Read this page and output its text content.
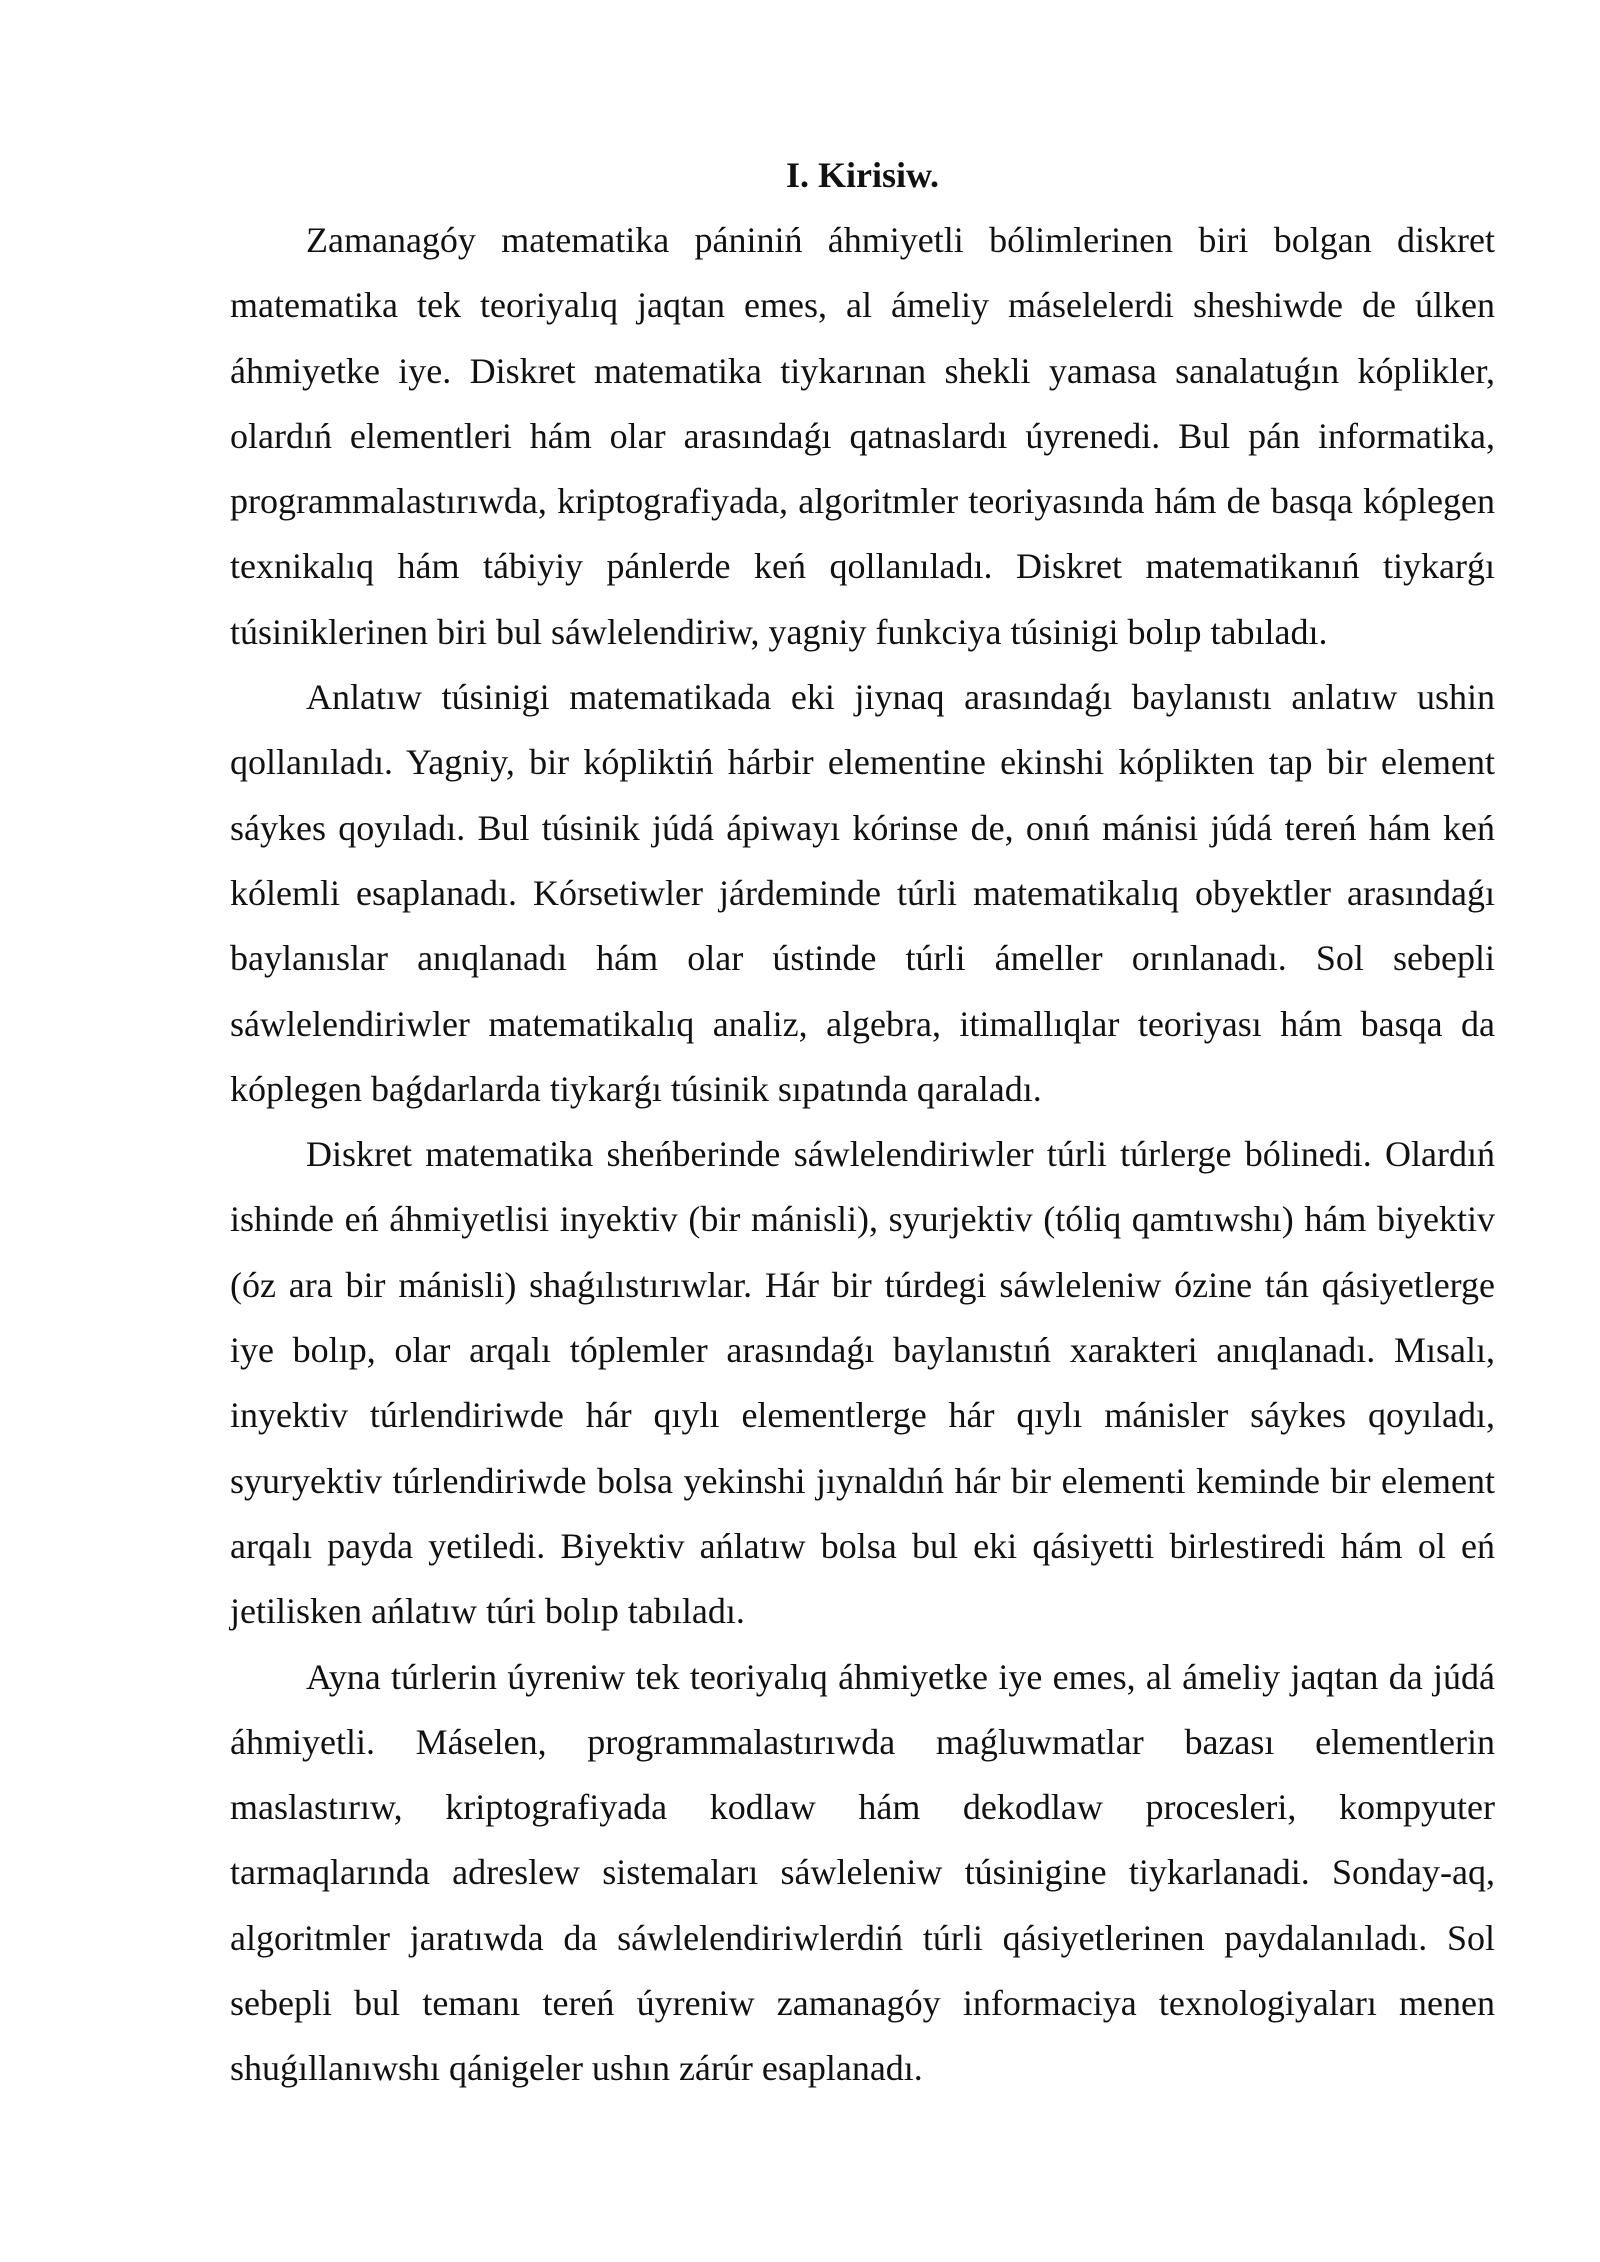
I. Kirisiw.

Zamanagóy matematika pániniń áhmiyetli bólimlerinen biri bolgan diskret matematika tek teoriyalıq jaqtan emes, al ámeliy máselelerdi sheshiwde de úlken áhmiyetke iye. Diskret matematika tiykarınan shekli yamasa sanalatuǵın kóplikler, olardıń elementleri hám olar arasındaǵı qatnaslardı úyrenedi. Bul pán informatika, programmalastırıwda, kriptografiyada, algoritmler teoriyasında hám de basqa kóplegen texnikalıq hám tábiyiy pánlerde keń qollanıladı. Diskret matematikanıń tiykarǵı túsiniklerinen biri bul sáwlelendiriw, yagniy funkciya túsinigi bolıp tabıladı.

Anlatıw túsinigi matematikada eki jiynaq arasındaǵı baylanıstı anlatıw ushin qollanıladı. Yagniy, bir kópliktiń hárbir elementine ekinshi kóplikten tap bir element sáykes qoyıladı. Bul túsinik júdá ápiwayı kórinse de, onıń mánisi júdá tereń hám keń kólemli esaplanadı. Kórsetiwler járdeminde túrli matematikalıq obyektler arasındaǵı baylanıslar anıqlanadı hám olar ústinde túrli ámeller orınlanadı. Sol sebepli sáwlelendiriwler matematikalıq analiz, algebra, itimallıqlar teoriyası hám basqa da kóplegen baǵdarlarda tiykarǵı túsinik sıpatında qaraladı.

Diskret matematika sheńberinde sáwlelendiriwler túrli túrlerge bólinedi. Olardıń ishinde eń áhmiyetlisi inyektiv (bir mánisli), syurjektiv (tóliq qamtıwshı) hám biyektiv (óz ara bir mánisli) shaǵılıstırıwlar. Hár bir túrdegi sáwleleniw ózine tán qásiyetlerge iye bolıp, olar arqalı tóplemler arasındaǵı baylanıstıń xarakteri anıqlanadı. Mısalı, inyektiv túrlendiriwde hár qıylı elementlerge hár qıylı mánisler sáykes qoyıladı, syuryektiv túrlendiriwde bolsa yekinshi jıynaldıń hár bir elementi keminde bir element arqalı payda yetiledi. Biyektiv ańlatıw bolsa bul eki qásiyetti birlestiredi hám ol eń jetilisken ańlatıw túri bolıp tabıladı.

Ayna túrlerin úyreniw tek teoriyalıq áhmiyetke iye emes, al ámeliy jaqtan da júdá áhmiyetli. Máselen, programmalastırıwda maǵluwmatlar bazası elementlerin maslastırıw, kriptografiyada kodlaw hám dekodlaw procesleri, kompyuter tarmaqlarında adreslew sistemaları sáwleleniw túsinigine tiykarlanadi. Sonday-aq, algoritmler jaratıwda da sáwlelendiriwlerdiń túrli qásiyetlerinen paydalanıladı. Sol sebepli bul temanı tereń úyreniw zamanagóy informaciya texnologiyaları menen shuǵıllanıwshı qánigeler ushın zárúr esaplanadı.
